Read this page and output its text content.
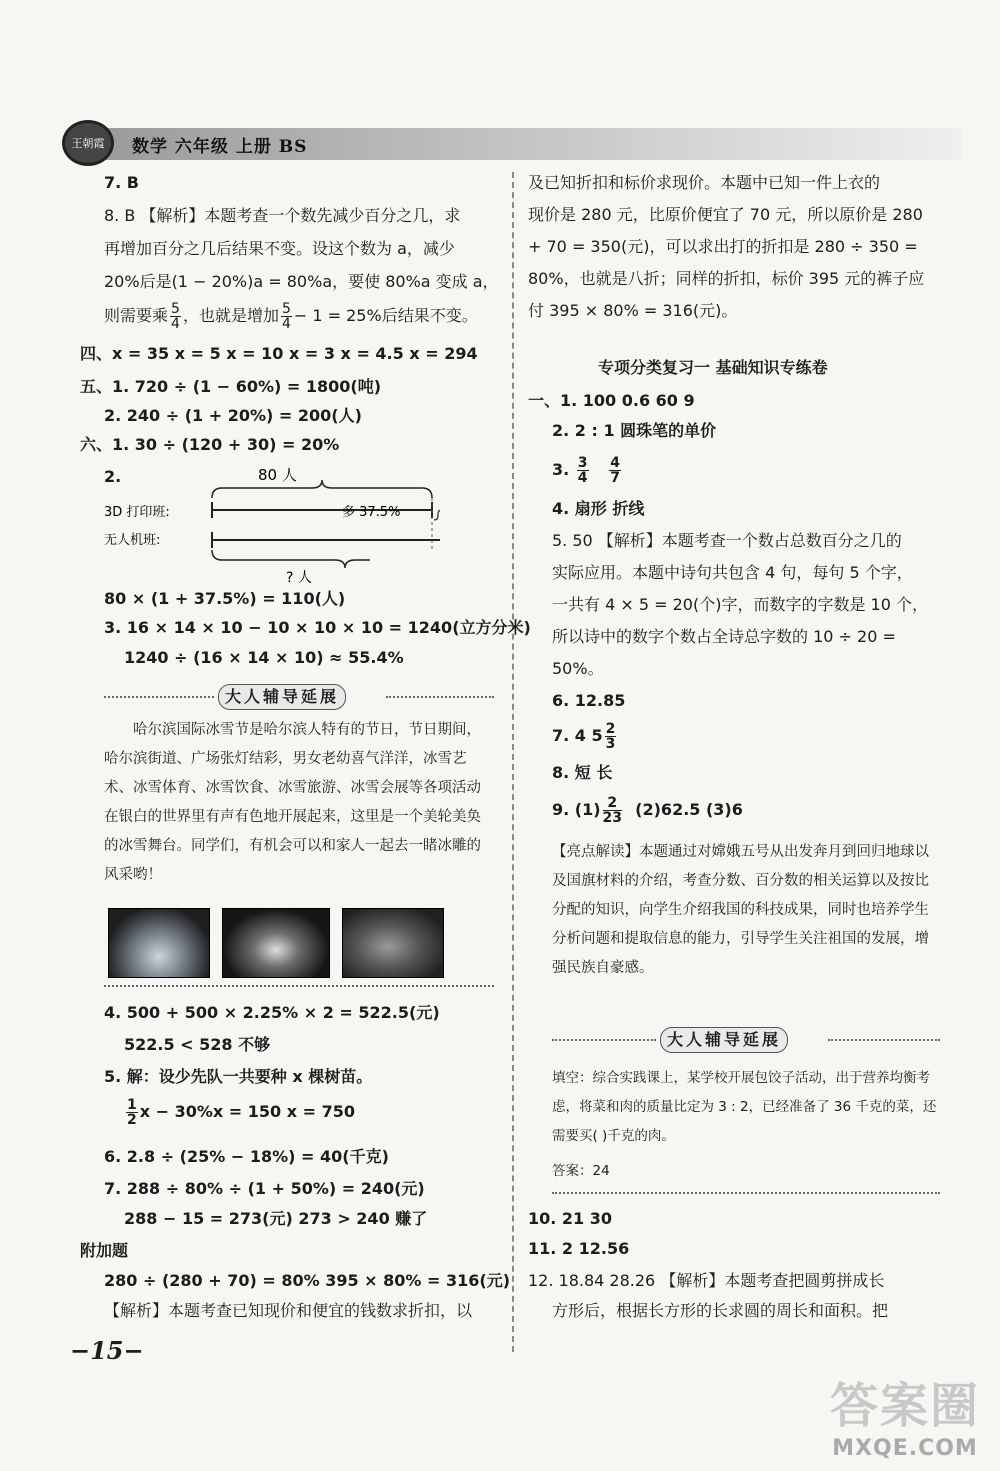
王朝霞	数学 六年级 上册 BS
7. B
8. B 【解析】本题考查一个数先减少百分之几，求
再增加百分之几后结果不变。设这个数为 a，减少
20%后是(1 − 20%)a = 80%a，要使 80%a 变成 a，
则需要乘 $\frac{5}{4}$ ，也就是增加 $\frac{5}{4} - 1 = 25\%$后结果不变。
四、x = 35 x = 5 x = 10 x = 3 x = 4.5 x = 294
五、1. 720 ÷ (1 − 60%) = 1800(吨)
2. 240 ÷ (1 + 20%) = 200(人)
六、1. 30 ÷ (120 + 30) = 20%
2.	80 人
3D 打印班:	多 37.5%
无人机班:
? 人
80 × (1 + 37.5%) = 110(人)
3. 16 × 14 × 10 − 10 × 10 × 10 = 1240(立方分米)
1240 ÷ (16 × 14 × 10) ≈ 55.4%
大人辅导延展
哈尔滨国际冰雪节是哈尔滨人特有的节日，节日期间，哈尔滨街道、广场张灯结彩，男女老幼喜气洋洋，冰雪艺术、冰雪体育、冰雪饮食、冰雪旅游、冰雪会展等各项活动在银白的世界里有声有色地开展起来，这里是一个美轮美奂的冰雪舞台。同学们，有机会可以和家人一起去一睹冰雕的风采哟！
4. 500 + 500 × 2.25% × 2 = 522.5(元)
522.5 < 528 不够
5. 解：设少先队一共要种 x 棵树苗。
$\frac{1}{2}$ x − 30%x = 150 x = 750
6. 2.8 ÷ (25% − 18%) = 40(千克)
7. 288 ÷ 80% ÷ (1 + 50%) = 240(元)
288 − 15 = 273(元) 273 > 240 赚了
附加题
280 ÷ (280 + 70) = 80% 395 × 80% = 316(元)
【解析】本题考查已知现价和便宜的钱数求折扣，以
及已知折扣和标价求现价。本题中已知一件上衣的
现价是 280 元，比原价便宜了 70 元，所以原价是 280
+ 70 = 350(元)，可以求出打的折扣是 280 ÷ 350 =
80%，也就是八折；同样的折扣，标价 395 元的裤子应
付 395 × 80% = 316(元)。
专项分类复习一 基础知识专练卷
一、1. 100 0.6 60 9
2. 2 : 1 圆珠笔的单价
3. $\frac{3}{4}$
$\frac{4}{7}$
4. 扇形 折线
5. 50 【解析】本题考查一个数占总数百分之几的
实际应用。本题中诗句共包含 4 句，每句 5 个字，
一共有 4 × 5 = 20(个)字，而数字的字数是 10 个，
所以诗中的数字个数占全诗总字数的 10 ÷ 20 =
50%。
6. 12.85
7. 4 $5 \frac{2}{3}$
8. 短 长
9. $(1) \frac{2}{23} (2)62.5$ (3)6
【亮点解读】本题通过对嫦娥五号从出发奔月到回归地球以及国旗材料的介绍，考查分数、百分数的相关运算以及按比分配的知识，向学生介绍我国的科技成果，同时也培养学生分析问题和提取信息的能力，引导学生关注祖国的发展，增强民族自豪感。
大人辅导延展
填空：综合实践课上，某学校开展包饺子活动，出于营养均衡考虑，将菜和肉的质量比定为 3 : 2，已经准备了 36 千克的菜，还需要买( )千克的肉。
答案：24
10. 21 30
11. 2 12.56
12. 18.84 28.26 【解析】本题考查把圆剪拼成长
方形后，根据长方形的长求圆的周长和面积。把
−15−
答案圈
MXQE.COM
